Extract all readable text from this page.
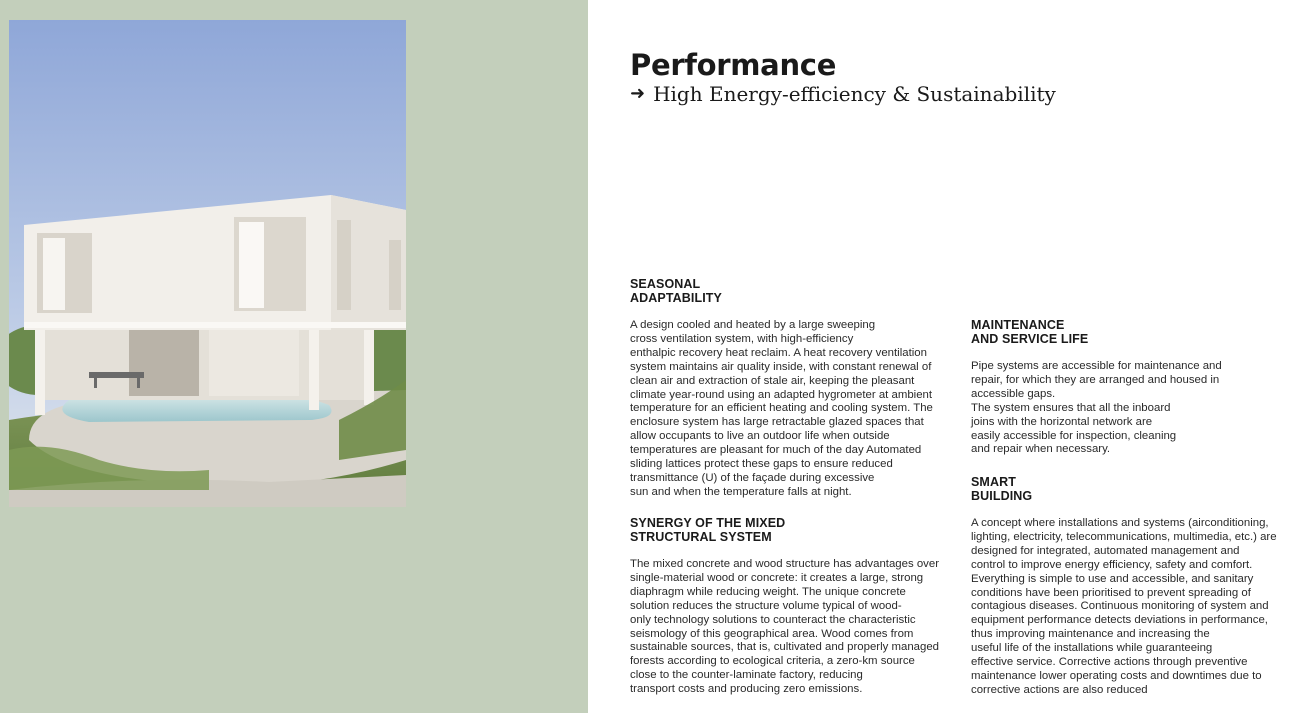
Performance
➜ High Energy-efficiency & Sustainability
SEASONAL
ADAPTABILITY

A design cooled and heated by a large sweeping
cross ventilation system, with high-efficiency
enthalpic recovery heat reclaim. A heat recovery ventilation
system maintains air quality inside, with constant renewal of
clean air and extraction of stale air, keeping the pleasant
climate year-round using an adapted hygrometer at ambient
temperature for an efficient heating and cooling system. The
enclosure system has large retractable glazed spaces that
allow occupants to live an outdoor life when outside
temperatures are pleasant for much of the day Automated
sliding lattices protect these gaps to ensure reduced
transmittance (U) of the façade during excessive
sun and when the temperature falls at night.

SYNERGY OF THE MIXED
STRUCTURAL SYSTEM

The mixed concrete and wood structure has advantages over
single-material wood or concrete: it creates a large, strong
diaphragm while reducing weight. The unique concrete
solution reduces the structure volume typical of wood-
only technology solutions to counteract the characteristic
seismology of this geographical area. Wood comes from
sustainable sources, that is, cultivated and properly managed
forests according to ecological criteria, a zero-km source
close to the counter-laminate factory, reducing
transport costs and producing zero emissions.

MAINTENANCE
AND SERVICE LIFE

Pipe systems are accessible for maintenance and
repair, for which they are arranged and housed in
accessible gaps.
The system ensures that all the inboard
joins with the horizontal network are
easily accessible for inspection, cleaning
and repair when necessary.

SMART
BUILDING

A concept where installations and systems (airconditioning,
lighting, electricity, telecommunications, multimedia, etc.) are
designed for integrated, automated management and
control to improve energy efficiency, safety and comfort.
Everything is simple to use and accessible, and sanitary
conditions have been prioritised to prevent spreading of
contagious diseases. Continuous monitoring of system and
equipment performance detects deviations in performance,
thus improving maintenance and increasing the
useful life of the installations while guaranteeing
effective service. Corrective actions through preventive
maintenance lower operating costs and downtimes due to
corrective actions are also reduced
